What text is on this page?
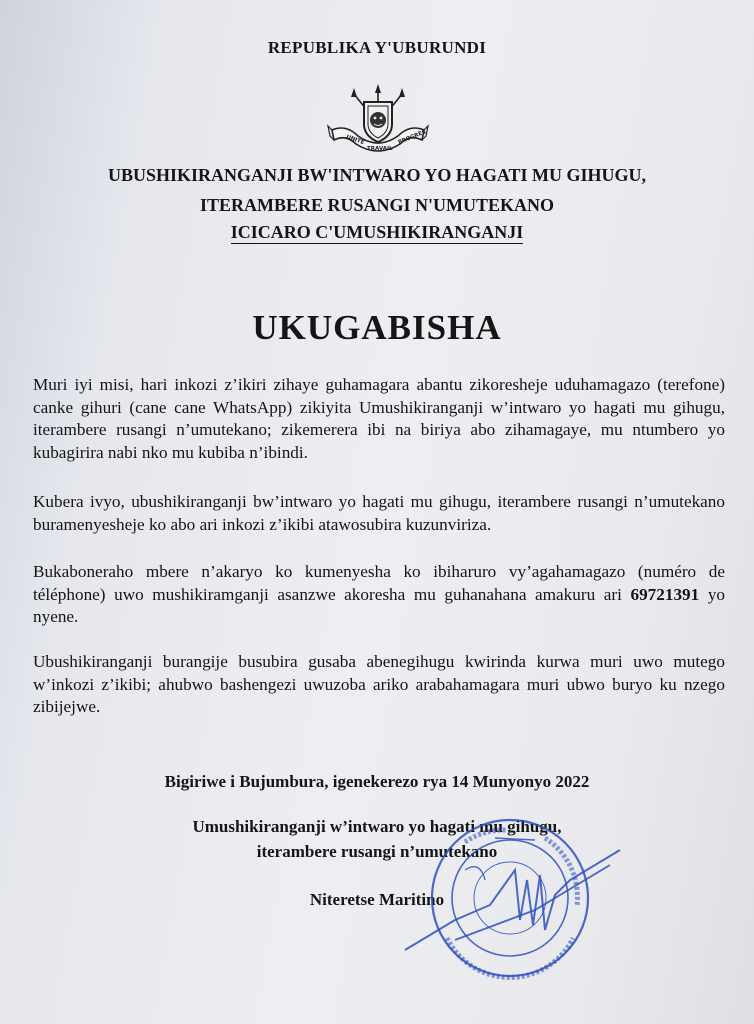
REPUBLIKA Y'UBURUNDI
UNITÉ
TRAVAIL
PROGRÈS
UBUSHIKIRANGANJI BW'INTWARO YO HAGATI MU GIHUGU,
ITERAMBERE RUSANGI N'UMUTEKANO
ICICARO C'UMUSHIKIRANGANJI
UKUGABISHA
Muri iyi misi, hari inkozi z’ikiri zihaye guhamagara abantu zikoresheje uduhamagazo (terefone) canke gihuri (cane cane WhatsApp) zikiyita Umushikiranganji w’intwaro yo hagati mu gihugu, iterambere rusangi n’umutekano; zikemerera ibi na biriya abo zihamagaye, mu ntumbero yo kubagirira nabi nko mu kubiba n’ibindi.
Kubera ivyo, ubushikiranganji bw’intwaro yo hagati mu gihugu, iterambere rusangi n’umutekano buramenyesheje ko abo ari inkozi z’ikibi atawosubira kuzunviriza.
Bukaboneraho mbere n’akaryo ko kumenyesha ko ibiharuro vy’agahamagazo (numéro de téléphone) uwo mushikiramganji asanzwe akoresha mu guhanahana amakuru ari 69721391 yo nyene.
Ubushikiranganji burangije busubira gusaba abenegihugu kwirinda kurwa muri uwo mutego w’inkozi z’ikibi; ahubwo bashengezi uwuzoba ariko arabahamagara muri ubwo buryo ku nzego zibijejwe.
Bigiriwe i Bujumbura, igenekerezo rya 14 Munyonyo 2022
Umushikiranganji w’intwaro yo hagati mu gihugu,
iterambere rusangi n’umutekano
Niteretse Maritino
